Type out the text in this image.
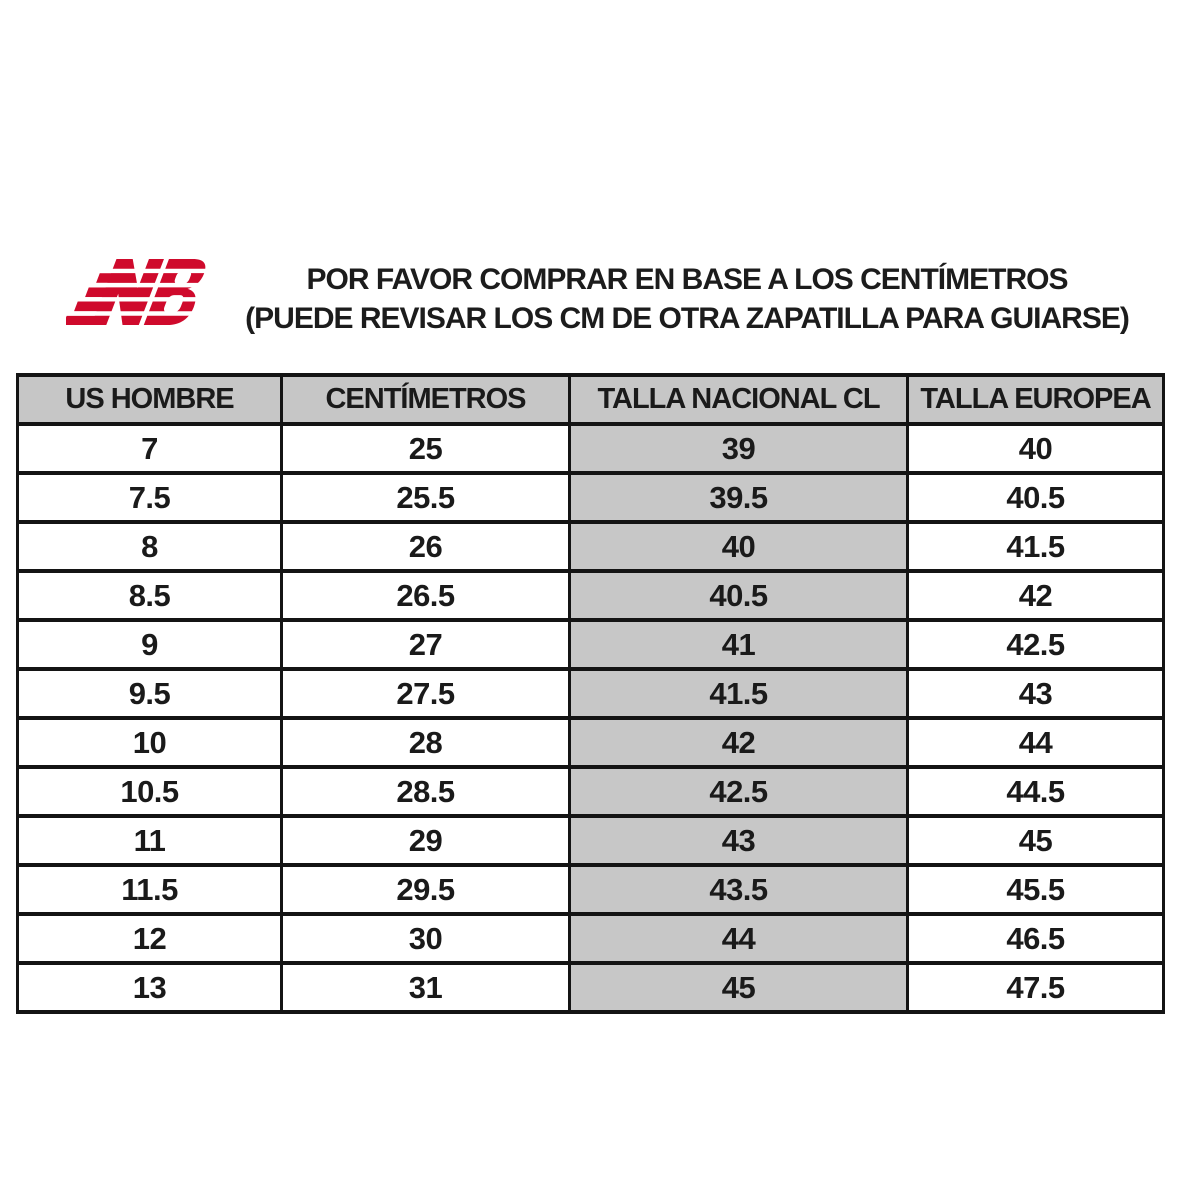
POR FAVOR COMPRAR EN BASE A LOS CENTÍMETROS
(PUEDE REVISAR LOS CM DE OTRA ZAPATILLA PARA GUIARSE)
US HOMBRE	CENTÍMETROS	TALLA NACIONAL CL	TALLA EUROPEA
7	25	39	40
7.5	25.5	39.5	40.5
8	26	40	41.5
8.5	26.5	40.5	42
9	27	41	42.5
9.5	27.5	41.5	43
10	28	42	44
10.5	28.5	42.5	44.5
11	29	43	45
11.5	29.5	43.5	45.5
12	30	44	46.5
13	31	45	47.5
